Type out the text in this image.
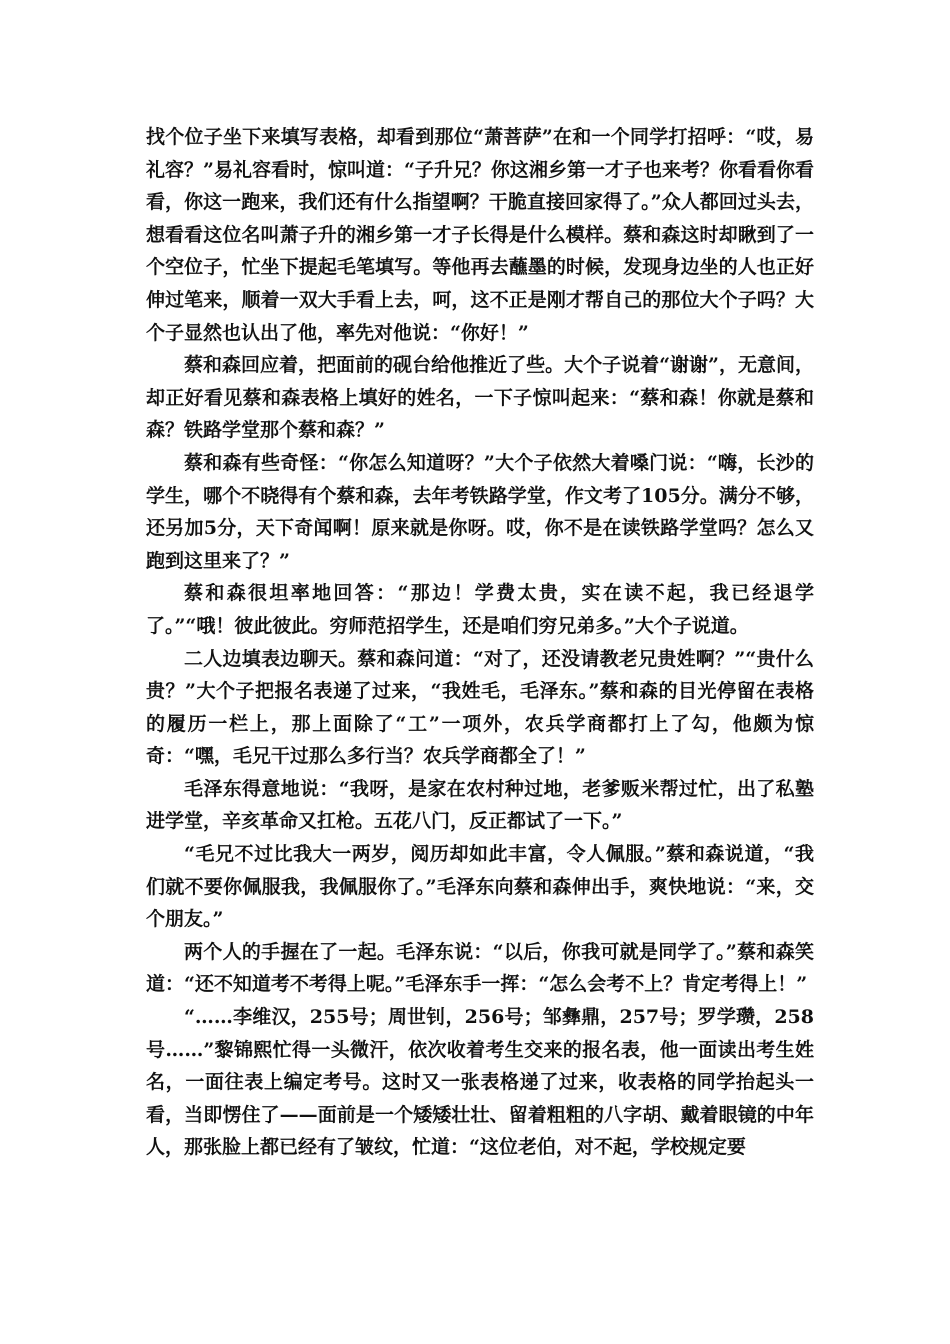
找个位子坐下来填写表格，却看到那位“萧菩萨”在和一个同学打招呼：“哎，易礼容？”易礼容看时，惊叫道：“子升兄？你这湘乡第一才子也来考？你看看你看看，你这一跑来，我们还有什么指望啊？干脆直接回家得了。”众人都回过头去，想看看这位名叫萧子升的湘乡第一才子长得是什么模样。蔡和森这时却瞅到了一个空位子，忙坐下提起毛笔填写。等他再去蘸墨的时候，发现身边坐的人也正好伸过笔来，顺着一双大手看上去，呵，这不正是刚才帮自己的那位大个子吗？大个子显然也认出了他，率先对他说：“你好！”

蔡和森回应着，把面前的砚台给他推近了些。大个子说着“谢谢”，无意间，却正好看见蔡和森表格上填好的姓名，一下子惊叫起来：“蔡和森！你就是蔡和森？铁路学堂那个蔡和森？”

蔡和森有些奇怪：“你怎么知道呀？”大个子依然大着嗓门说：“嗨，长沙的学生，哪个不晓得有个蔡和森，去年考铁路学堂，作文考了105分。满分不够，还另加5分，天下奇闻啊！原来就是你呀。哎，你不是在读铁路学堂吗？怎么又跑到这里来了？”

蔡和森很坦率地回答：“那边！学费太贵，实在读不起，我已经退学了。”“哦！彼此彼此。穷师范招学生，还是咱们穷兄弟多。”大个子说道。

二人边填表边聊天。蔡和森问道：“对了，还没请教老兄贵姓啊？”“贵什么贵？”大个子把报名表递了过来，“我姓毛，毛泽东。”蔡和森的目光停留在表格的履历一栏上，那上面除了“工”一项外，农兵学商都打上了勾，他颇为惊奇：“嘿，毛兄干过那么多行当？农兵学商都全了！”

毛泽东得意地说：“我呀，是家在农村种过地，老爹贩米帮过忙，出了私塾进学堂，辛亥革命又扛枪。五花八门，反正都试了一下。”

“毛兄不过比我大一两岁，阅历却如此丰富，令人佩服。”蔡和森说道，“我们就不要你佩服我，我佩服你了。”毛泽东向蔡和森伸出手，爽快地说：“来，交个朋友。”

两个人的手握在了一起。毛泽东说：“以后，你我可就是同学了。”蔡和森笑道：“还不知道考不考得上呢。”毛泽东手一挥：“怎么会考不上？肯定考得上！”

“……李维汉，255号；周世钊，256号；邹彝鼎，257号；罗学瓒，258号……”黎锦熙忙得一头微汗，依次收着考生交来的报名表，他一面读出考生姓名，一面往表上编定考号。这时又一张表格递了过来，收表格的同学抬起头一看，当即愣住了——面前是一个矮矮壮壮、留着粗粗的八字胡、戴着眼镜的中年人，那张脸上都已经有了皱纹，忙道：“这位老伯，对不起，学校规定要
